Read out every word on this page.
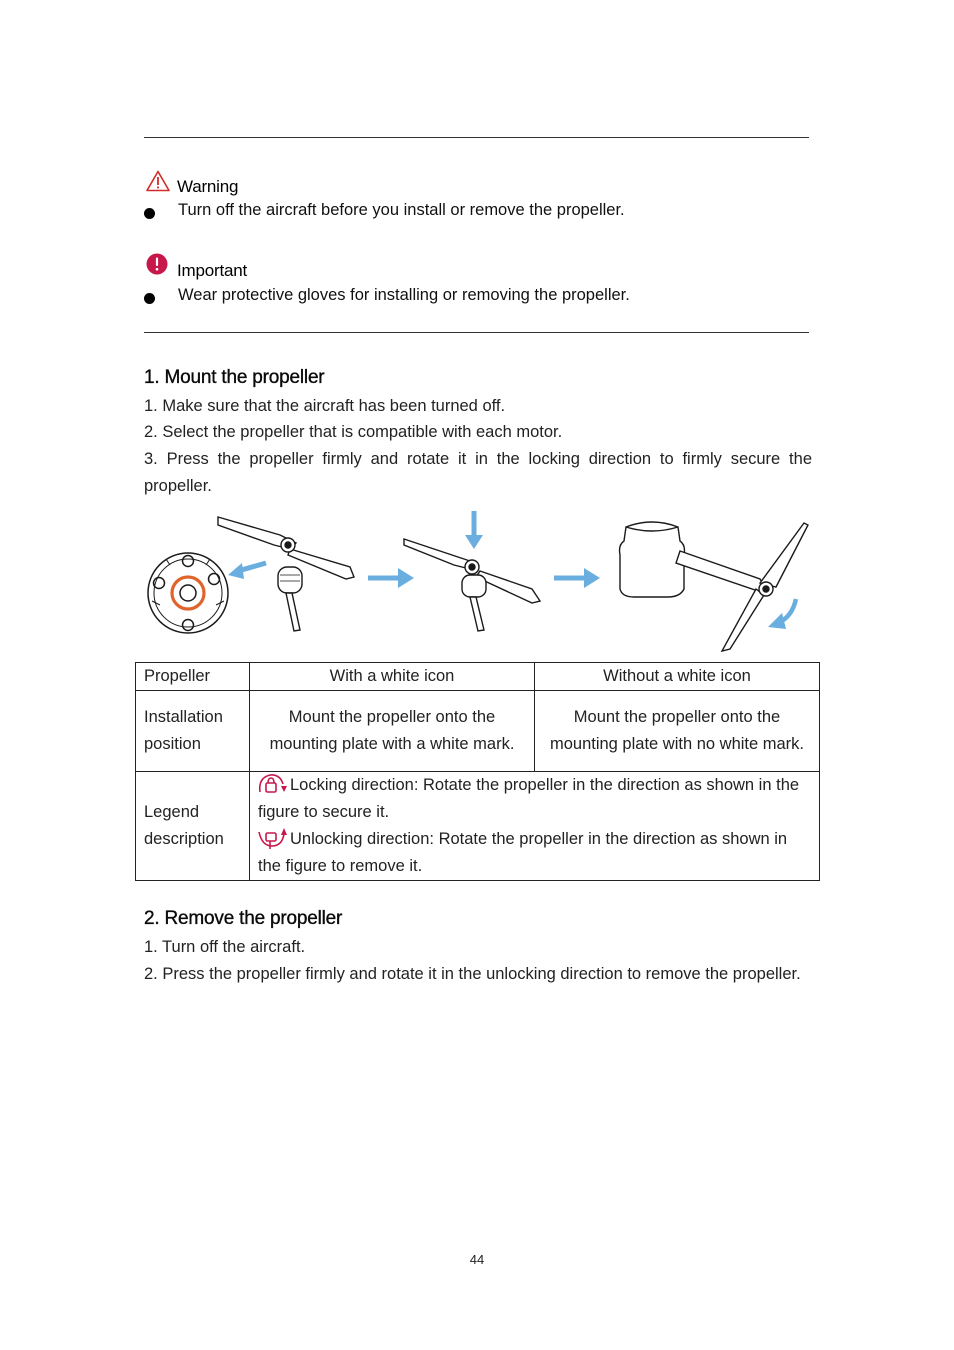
Warning
Turn off the aircraft before you install or remove the propeller.
Important
Wear protective gloves for installing or removing the propeller.
1. Mount the propeller
1. Make sure that the aircraft has been turned off.
2. Select the propeller that is compatible with each motor.
3. Press the propeller firmly and rotate it in the locking direction to firmly secure the propeller.
Propeller	With a white icon	Without a white icon
Installation position	Mount the propeller onto the mounting plate with a white mark.	Mount the propeller onto the mounting plate with no white mark.
Legend description	Locking direction: Rotate the propeller in the direction as shown in the figure to secure it.
Unlocking direction: Rotate the propeller in the direction as shown in the figure to remove it.	
2. Remove the propeller
1. Turn off the aircraft.
2. Press the propeller firmly and rotate it in the unlocking direction to remove the propeller.
44
